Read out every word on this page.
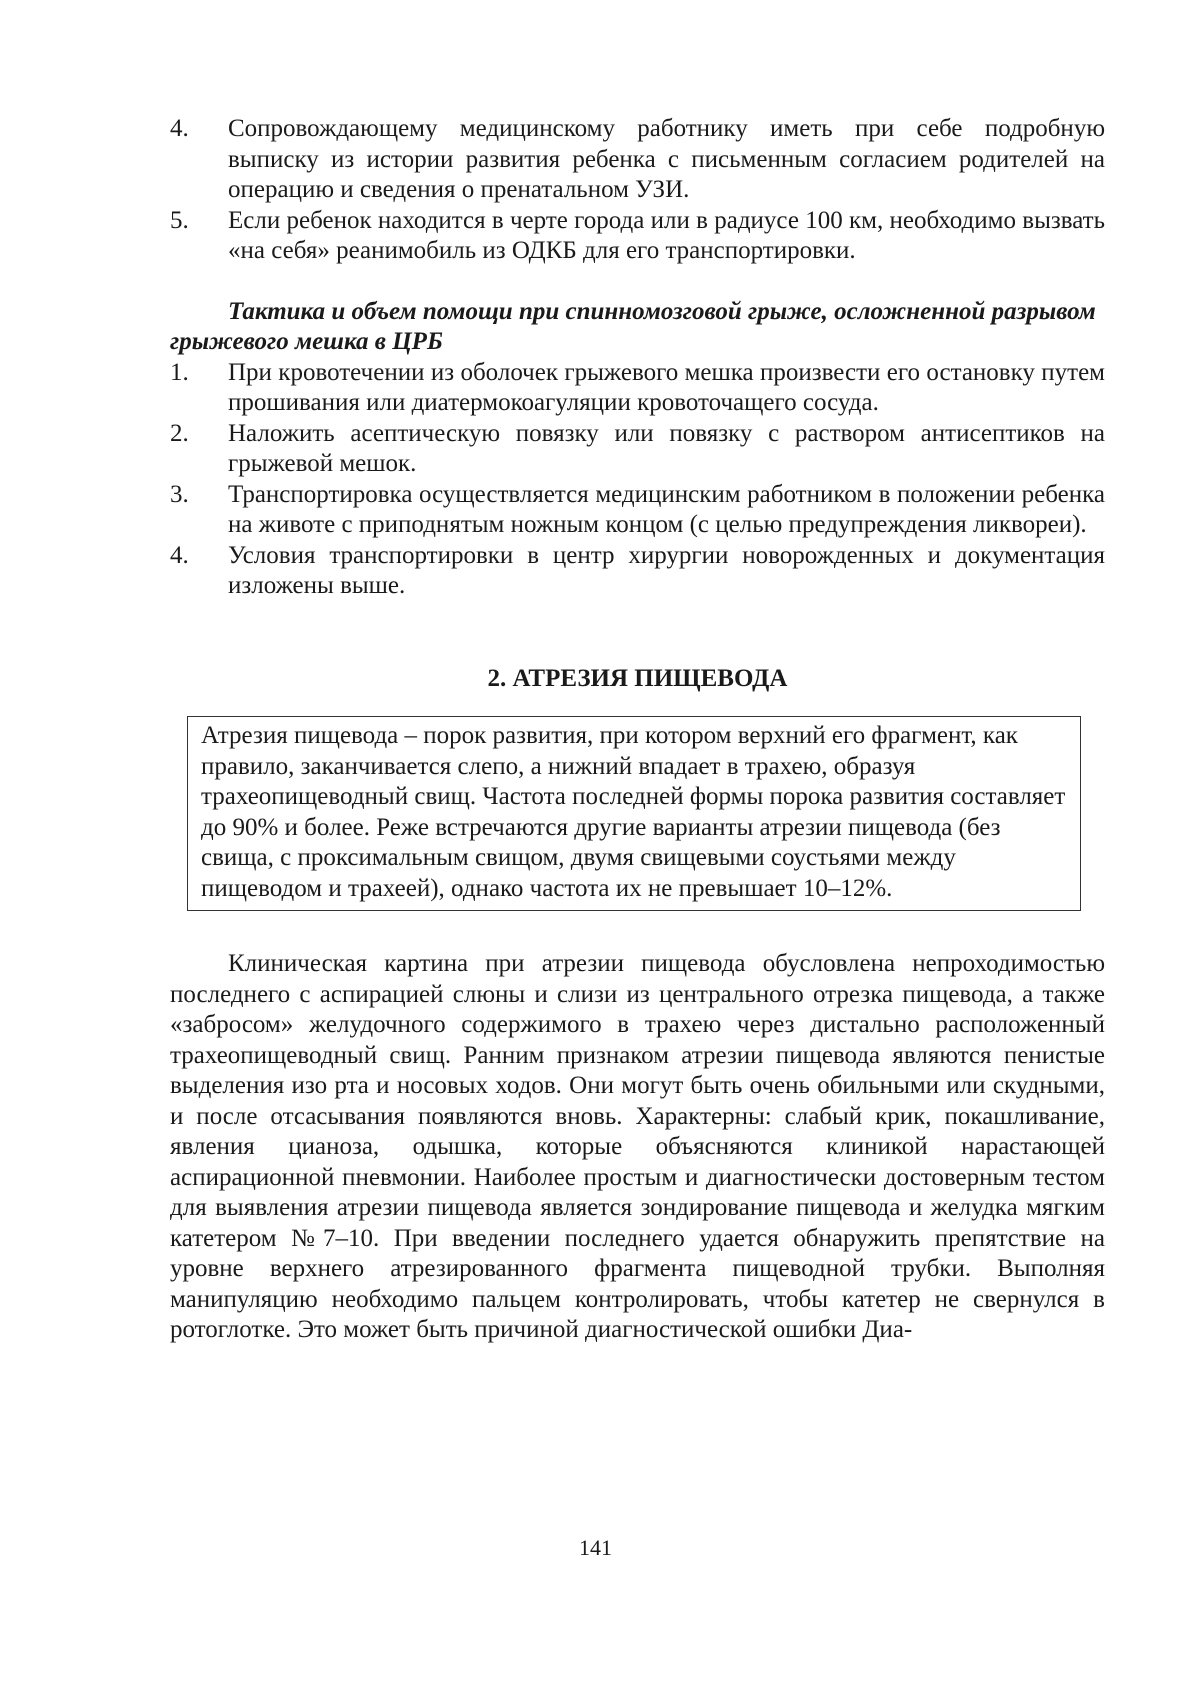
4.	Сопровождающему медицинскому работнику иметь при себе подробную выписку из истории развития ребенка с письменным согласием родителей на операцию и сведения о пренатальном УЗИ.
5.	Если ребенок находится в черте города или в радиусе 100 км, необходимо вызвать «на себя» реанимобиль из ОДКБ для его транспортировки.
Тактика и объем помощи при спинномозговой грыже, осложненной разрывом грыжевого мешка в ЦРБ
1.	При кровотечении из оболочек грыжевого мешка произвести его остановку путем прошивания или диатермокоагуляции кровоточащего сосуда.
2.	Наложить асептическую повязку или повязку с раствором антисептиков на грыжевой мешок.
3.	Транспортировка осуществляется медицинским работником в положении ребенка на животе с приподнятым ножным концом (с целью предупреждения ликвореи).
4.	Условия транспортировки в центр хирургии новорожденных и документация изложены выше.
2. АТРЕЗИЯ ПИЩЕВОДА
Атрезия пищевода – порок развития, при котором верхний его фрагмент, как правило, заканчивается слепо, а нижний впадает в трахею, образуя трахеопищеводный свищ. Частота последней формы порока развития составляет до 90% и более. Реже встречаются другие варианты атрезии пищевода (без свища, с проксимальным свищом, двумя свищевыми соустьями между пищеводом и трахеей), однако частота их не превышает 10–12%.
Клиническая картина при атрезии пищевода обусловлена непроходимостью последнего с аспирацией слюны и слизи из центрального отрезка пищевода, а также «забросом» желудочного содержимого в трахею через дистально расположенный трахеопищеводный свищ. Ранним признаком атрезии пищевода являются пенистые выделения изо рта и носовых ходов. Они могут быть очень обильными или скудными, и после отсасывания появляются вновь. Характерны: слабый крик, покашливание, явления цианоза, одышка, которые объясняются клиникой нарастающей аспирационной пневмонии. Наиболее простым и диагностически достоверным тестом для выявления атрезии пищевода является зондирование пищевода и желудка мягким катетером №7–10. При введении последнего удается обнаружить препятствие на уровне верхнего атрезированного фрагмента пищеводной трубки. Выполняя манипуляцию необходимо пальцем контролировать, чтобы катетер не свернулся в ротоглотке. Это может быть причиной диагностической ошибки Диа-
141
